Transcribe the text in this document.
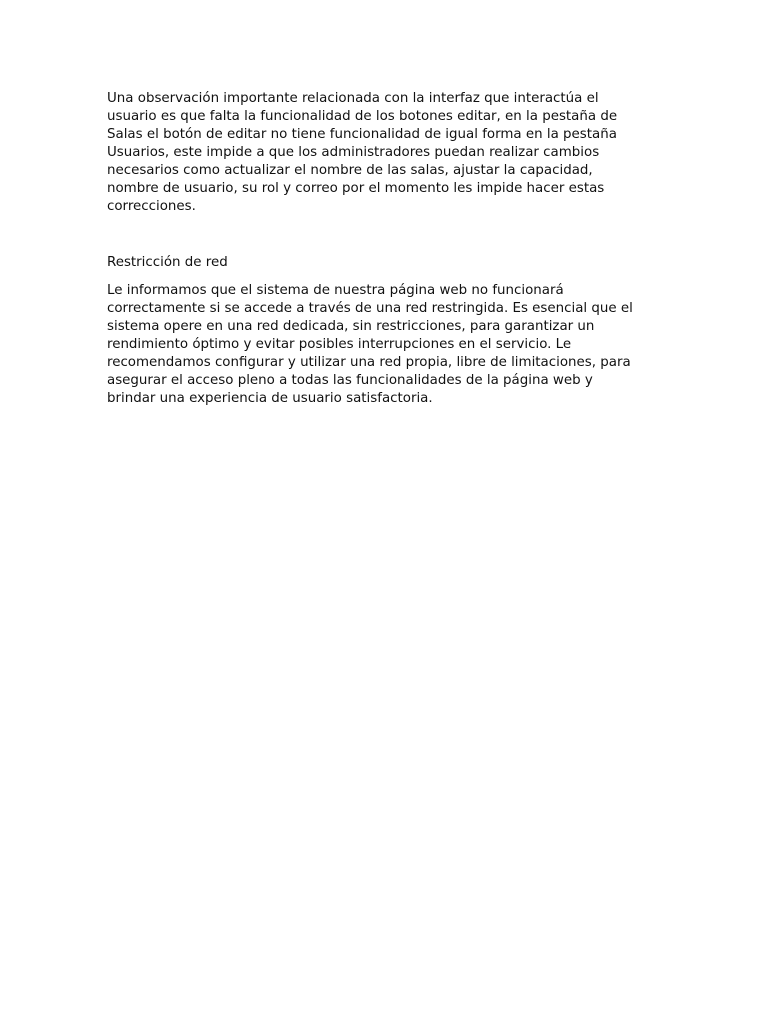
Una observación importante relacionada con la interfaz que interactúa el
usuario es que falta la funcionalidad de los botones editar, en la pestaña de
Salas el botón de editar no tiene funcionalidad de igual forma en la pestaña
Usuarios, este impide a que los administradores puedan realizar cambios
necesarios como actualizar el nombre de las salas, ajustar la capacidad,
nombre de usuario, su rol y correo por el momento les impide hacer estas
correcciones.

Restricción de red

Le informamos que el sistema de nuestra página web no funcionará
correctamente si se accede a través de una red restringida. Es esencial que el
sistema opere en una red dedicada, sin restricciones, para garantizar un
rendimiento óptimo y evitar posibles interrupciones en el servicio. Le
recomendamos configurar y utilizar una red propia, libre de limitaciones, para
asegurar el acceso pleno a todas las funcionalidades de la página web y
brindar una experiencia de usuario satisfactoria.
